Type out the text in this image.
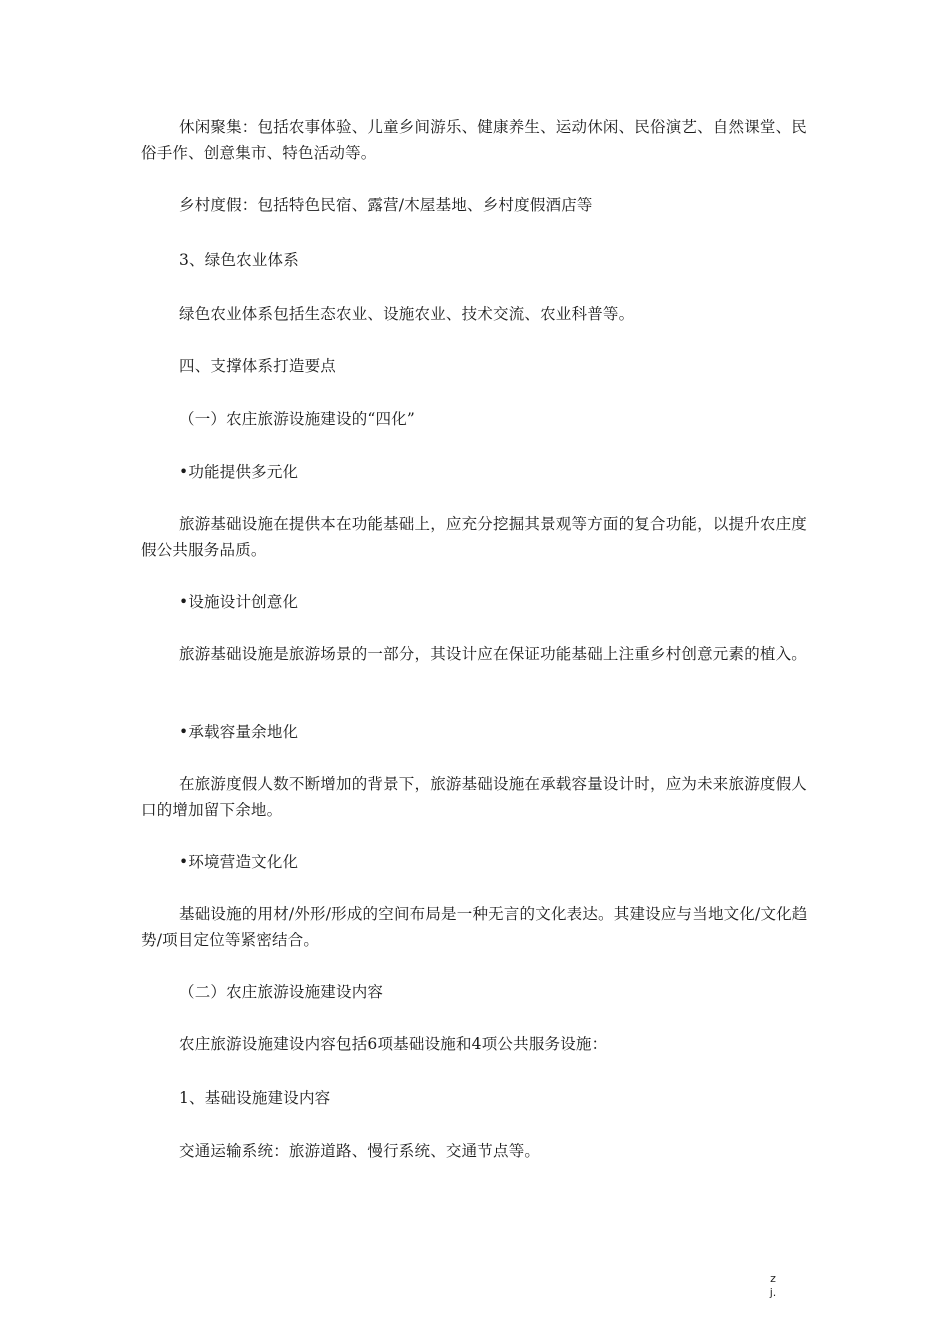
休闲聚集：包括农事体验、儿童乡间游乐、健康养生、运动休闲、民俗演艺、自然课堂、民俗手作、创意集市、特色活动等。

乡村度假：包括特色民宿、露营/木屋基地、乡村度假酒店等

3、绿色农业体系

绿色农业体系包括生态农业、设施农业、技术交流、农业科普等。

四、支撑体系打造要点

（一）农庄旅游设施建设的“四化”

•功能提供多元化

旅游基础设施在提供本在功能基础上，应充分挖掘其景观等方面的复合功能，以提升农庄度假公共服务品质。

•设施设计创意化

旅游基础设施是旅游场景的一部分，其设计应在保证功能基础上注重乡村创意元素的植入。

•承载容量余地化

在旅游度假人数不断增加的背景下，旅游基础设施在承载容量设计时，应为未来旅游度假人口的增加留下余地。

•环境营造文化化

基础设施的用材/外形/形成的空间布局是一种无言的文化表达。其建设应与当地文化/文化趋势/项目定位等紧密结合。

（二）农庄旅游设施建设内容

农庄旅游设施建设内容包括6项基础设施和4项公共服务设施：

1、基础设施建设内容

交通运输系统：旅游道路、慢行系统、交通节点等。

zj.
